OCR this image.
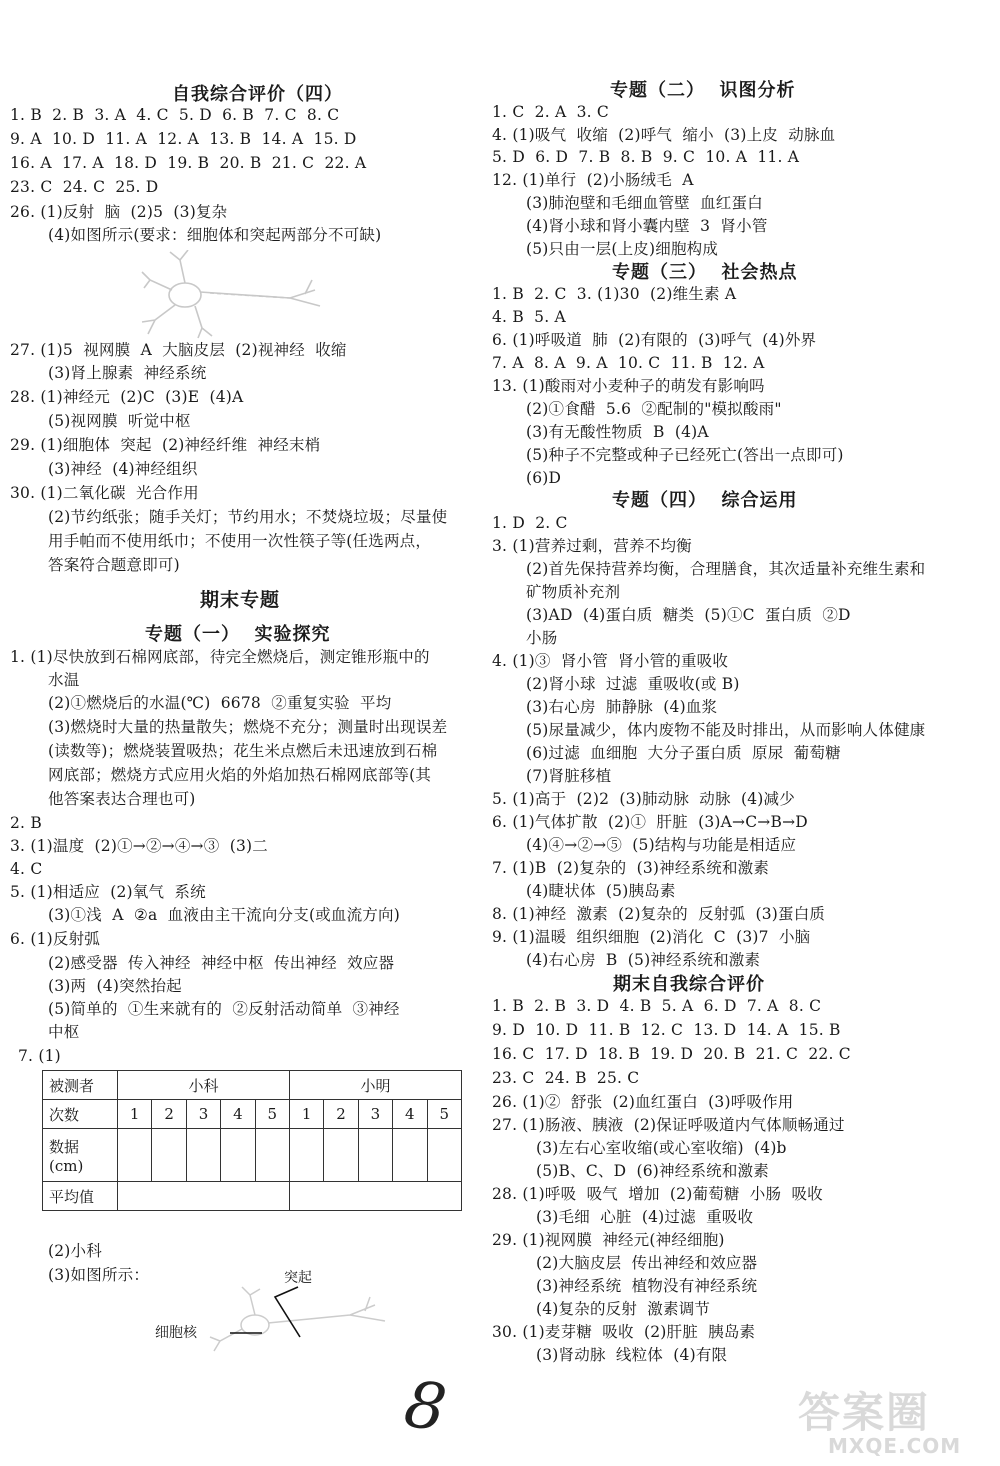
自我综合评价（四）
1. B  2. B  3. A  4. C  5. D  6. B  7. C  8. C
9. A  10. D  11. A  12. A  13. B  14. A  15. D
16. A  17. A  18. D  19. B  20. B  21. C  22. A
23. C  24. C  25. D
26. (1)反射  脑  (2)5  (3)复杂
(4)如图所示(要求：细胞体和突起两部分不可缺)
27. (1)5  视网膜  A  大脑皮层  (2)视神经  收缩
(3)肾上腺素  神经系统
28. (1)神经元  (2)C  (3)E  (4)A
(5)视网膜  听觉中枢
29. (1)细胞体  突起  (2)神经纤维  神经末梢
(3)神经  (4)神经组织
30. (1)二氧化碳  光合作用
(2)节约纸张；随手关灯；节约用水；不焚烧垃圾；尽量使
用手帕而不使用纸巾；不使用一次性筷子等(任选两点，
答案符合题意即可)
期末专题
专题（一）  实验探究
1. (1)尽快放到石棉网底部，待完全燃烧后，测定锥形瓶中的
水温
(2)①燃烧后的水温(℃)  6678  ②重复实验  平均
(3)燃烧时大量的热量散失；燃烧不充分；测量时出现误差
(读数等)；燃烧装置吸热；花生米点燃后未迅速放到石棉
网底部；燃烧方式应用火焰的外焰加热石棉网底部等(其
他答案表达合理也可)
2. B
3. (1)温度  (2)①→②→④→③  (3)二
4. C
5. (1)相适应  (2)氧气  系统
(3)①浅  A  ②a  血液由主干流向分支(或血流方向)
6. (1)反射弧
(2)感受器  传入神经  神经中枢  传出神经  效应器
(3)两  (4)突然抬起
(5)简单的  ①生来就有的  ②反射活动简单  ③神经
中枢
7. (1)
被测者	小科					小明				
次数	1	2	3	4	5	1	2	3	4	5

数据
(cm)										

平均值										
(2)小科
(3)如图所示：	突起
细胞核
专题（二）  识图分析
1. C  2. A  3. C
4. (1)吸气  收缩  (2)呼气  缩小  (3)上皮  动脉血
5. D  6. D  7. B  8. B  9. C  10. A  11. A
12. (1)单行  (2)小肠绒毛  A
(3)肺泡壁和毛细血管壁  血红蛋白
(4)肾小球和肾小囊内壁  3  肾小管
(5)只由一层(上皮)细胞构成
专题（三）  社会热点
1. B  2. C  3. (1)30  (2)维生素 A
4. B  5. A
6. (1)呼吸道  肺  (2)有限的  (3)呼气  (4)外界
7. A  8. A  9. A  10. C  11. B  12. A
13. (1)酸雨对小麦种子的萌发有影响吗
(2)①食醋  5.6  ②配制的"模拟酸雨"
(3)有无酸性物质  B  (4)A
(5)种子不完整或种子已经死亡(答出一点即可)
(6)D
专题（四）  综合运用
1. D  2. C
3. (1)营养过剩，营养不均衡
(2)首先保持营养均衡，合理膳食，其次适量补充维生素和
矿物质补充剂
(3)AD  (4)蛋白质  糖类  (5)①C  蛋白质  ②D
小肠
4. (1)③  肾小管  肾小管的重吸收
(2)肾小球  过滤  重吸收(或 B)
(3)右心房  肺静脉  (4)血浆
(5)尿量减少，体内废物不能及时排出，从而影响人体健康
(6)过滤  血细胞  大分子蛋白质  原尿  葡萄糖
(7)肾脏移植
5. (1)高于  (2)2  (3)肺动脉  动脉  (4)减少
6. (1)气体扩散  (2)①  肝脏  (3)A→C→B→D
(4)④→②→⑤  (5)结构与功能是相适应
7. (1)B  (2)复杂的  (3)神经系统和激素
(4)睫状体  (5)胰岛素
8. (1)神经  激素  (2)复杂的  反射弧  (3)蛋白质
9. (1)温暖  组织细胞  (2)消化  C  (3)7  小脑
(4)右心房  B  (5)神经系统和激素
期末自我综合评价
1. B  2. B  3. D  4. B  5. A  6. D  7. A  8. C
9. D  10. D  11. B  12. C  13. D  14. A  15. B
16. C  17. D  18. B  19. D  20. B  21. C  22. C
23. C  24. B  25. C
26. (1)②  舒张  (2)血红蛋白  (3)呼吸作用
27. (1)肠液、胰液  (2)保证呼吸道内气体顺畅通过
(3)左右心室收缩(或心室收缩)  (4)b
(5)B、C、D  (6)神经系统和激素
28. (1)呼吸  吸气  增加  (2)葡萄糖  小肠  吸收
(3)毛细  心脏  (4)过滤  重吸收
29. (1)视网膜  神经元(神经细胞)
(2)大脑皮层  传出神经和效应器
(3)神经系统  植物没有神经系统
(4)复杂的反射  激素调节
30. (1)麦芽糖  吸收  (2)肝脏  胰岛素
(3)肾动脉  线粒体  (4)有限
8	答案圈
MXQE.COM
